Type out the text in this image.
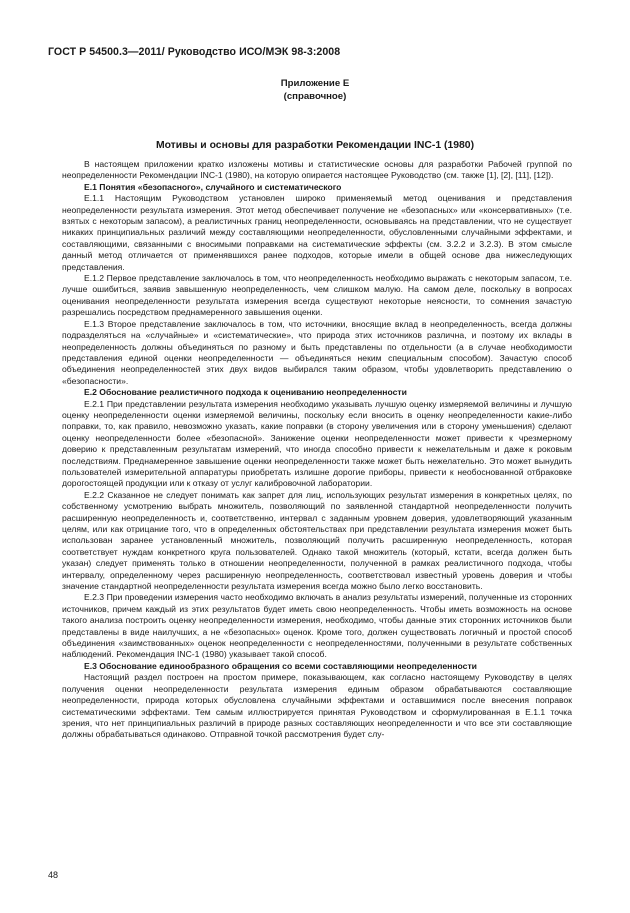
ГОСТ Р 54500.3—2011/ Руководство ИСО/МЭК 98-3:2008
Приложение E
(справочное)
Мотивы и основы для разработки Рекомендации INC-1 (1980)

В настоящем приложении кратко изложены мотивы и статистические основы для разработки Рабочей группой по неопределенности Рекомендации INC-1 (1980), на которую опирается настоящее Руководство (см. также [1], [2], [11], [12]).

E.1 Понятия «безопасного», случайного и систематического

E.1.1 Настоящим Руководством установлен широко применяемый метод оценивания и представления неопределенности результата измерения. Этот метод обеспечивает получение не «безопасных» или «консервативных» (т.е. взятых с некоторым запасом), а реалистичных границ неопределенности, основываясь на представлении, что не существует никаких принципиальных различий между составляющими неопределенности, обусловленными случайными эффектами, и составляющими, связанными с вносимыми поправками на систематические эффекты (см. 3.2.2 и 3.2.3). В этом смысле данный метод отличается от применявшихся ранее подходов, которые имели в общей основе два нижеследующих представления.

E.1.2 Первое представление заключалось в том, что неопределенность необходимо выражать с некоторым запасом, т.е. лучше ошибиться, заявив завышенную неопределенность, чем слишком малую. На самом деле, поскольку в вопросах оценивания неопределенности результата измерения всегда существуют некоторые неясности, то сомнения зачастую разрешались посредством преднамеренного завышения оценки.

E.1.3 Второе представление заключалось в том, что источники, вносящие вклад в неопределенность, всегда должны подразделяться на «случайные» и «систематические», что природа этих источников различна, и поэтому их вклады в неопределенность должны объединяться по разному и быть представлены по отдельности (а в случае необходимости представления единой оценки неопределенности — объединяться неким специальным способом). Зачастую способ объединения неопределенностей этих двух видов выбирался таким образом, чтобы удовлетворить представлению о «безопасности».

E.2 Обоснование реалистичного подхода к оцениванию неопределенности

E.2.1 При представлении результата измерения необходимо указывать лучшую оценку измеряемой величины и лучшую оценку неопределенности оценки измеряемой величины, поскольку если вносить в оценку неопределенности какие-либо поправки, то, как правило, невозможно указать, какие поправки (в сторону увеличения или в сторону уменьшения) сделают оценку неопределенности более «безопасной». Занижение оценки неопределенности может привести к чрезмерному доверию к представленным результатам измерений, что иногда способно привести к нежелательным и даже к роковым последствиям. Преднамеренное завышение оценки неопределенности также может быть нежелательно. Это может вынудить пользователей измерительной аппаратуры приобретать излишне дорогие приборы, привести к необоснованной отбраковке дорогостоящей продукции или к отказу от услуг калибровочной лаборатории.

E.2.2 Сказанное не следует понимать как запрет для лиц, использующих результат измерения в конкретных целях, по собственному усмотрению выбрать множитель, позволяющий по заявленной стандартной неопределенности получить расширенную неопределенность и, соответственно, интервал с заданным уровнем доверия, удовлетворяющий указанным целям, или как отрицание того, что в определенных обстоятельствах при представлении результата измерения может быть использован заранее установленный множитель, позволяющий получить расширенную неопределенность, которая соответствует нуждам конкретного круга пользователей. Однако такой множитель (который, кстати, всегда должен быть указан) следует применять только в отношении неопределенности, полученной в рамках реалистичного подхода, чтобы интервалу, определенному через расширенную неопределенность, соответствовал известный уровень доверия и чтобы значение стандартной неопределенности результата измерения всегда можно было легко восстановить.

E.2.3 При проведении измерения часто необходимо включать в анализ результаты измерений, полученные из сторонних источников, причем каждый из этих результатов будет иметь свою неопределенность. Чтобы иметь возможность на основе такого анализа построить оценку неопределенности измерения, необходимо, чтобы данные этих сторонних источников были представлены в виде наилучших, а не «безопасных» оценок. Кроме того, должен существовать логичный и простой способ объединения «заимствованных» оценок неопределенности с неопределенностями, полученными в результате собственных наблюдений. Рекомендация INC-1 (1980) указывает такой способ.

E.3 Обоснование единообразного обращения со всеми составляющими неопределенности

Настоящий раздел построен на простом примере, показывающем, как согласно настоящему Руководству в целях получения оценки неопределенности результата измерения единым образом обрабатываются составляющие неопределенности, природа которых обусловлена случайными эффектами и оставшимися после внесения поправок систематическими эффектами. Тем самым иллюстрируется принятая Руководством и сформулированная в E.1.1 точка зрения, что нет принципиальных различий в природе разных составляющих неопределенности и что все эти составляющие должны обрабатываться одинаково. Отправной точкой рассмотрения будет слу-

48
